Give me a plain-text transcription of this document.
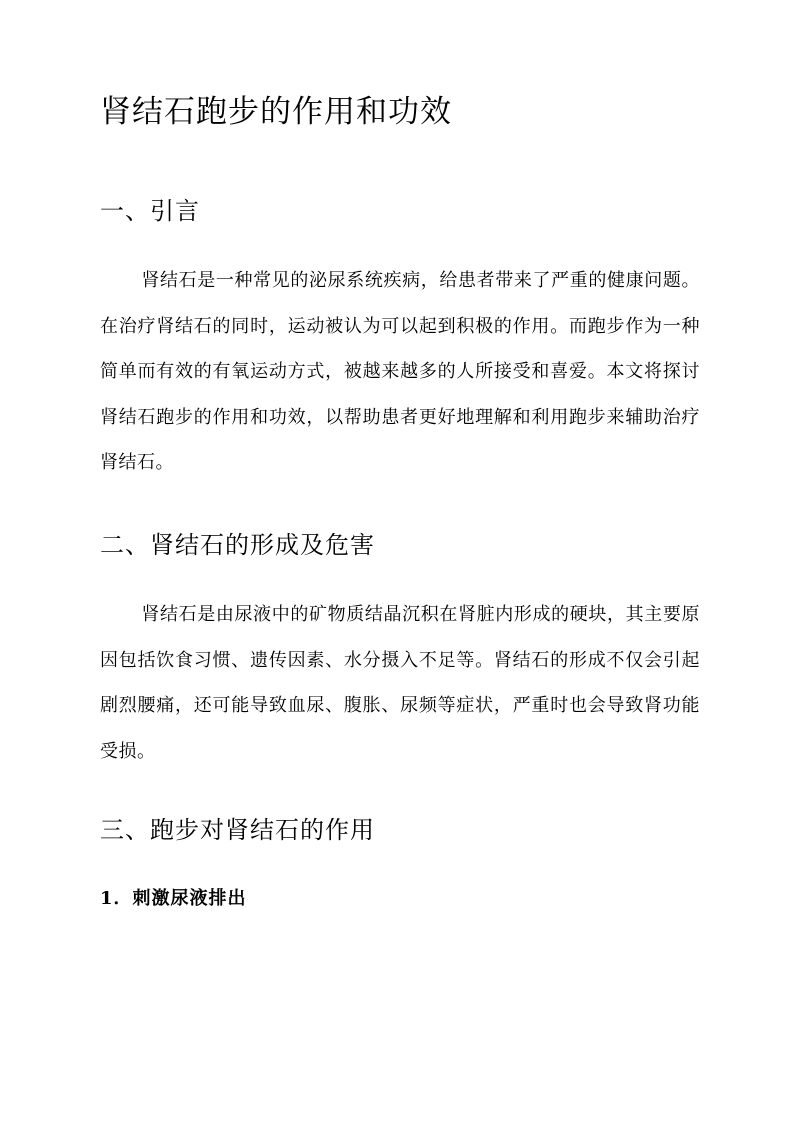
肾结石跑步的作用和功效
一、引言

肾结石是一种常见的泌尿系统疾病，给患者带来了严重的健康问题。在治疗肾结石的同时，运动被认为可以起到积极的作用。而跑步作为一种简单而有效的有氧运动方式，被越来越多的人所接受和喜爱。本文将探讨肾结石跑步的作用和功效，以帮助患者更好地理解和利用跑步来辅助治疗肾结石。

二、肾结石的形成及危害

肾结石是由尿液中的矿物质结晶沉积在肾脏内形成的硬块，其主要原因包括饮食习惯、遗传因素、水分摄入不足等。肾结石的形成不仅会引起剧烈腰痛，还可能导致血尿、腹胀、尿频等症状，严重时也会导致肾功能受损。

三、跑步对肾结石的作用
1．刺激尿液排出
